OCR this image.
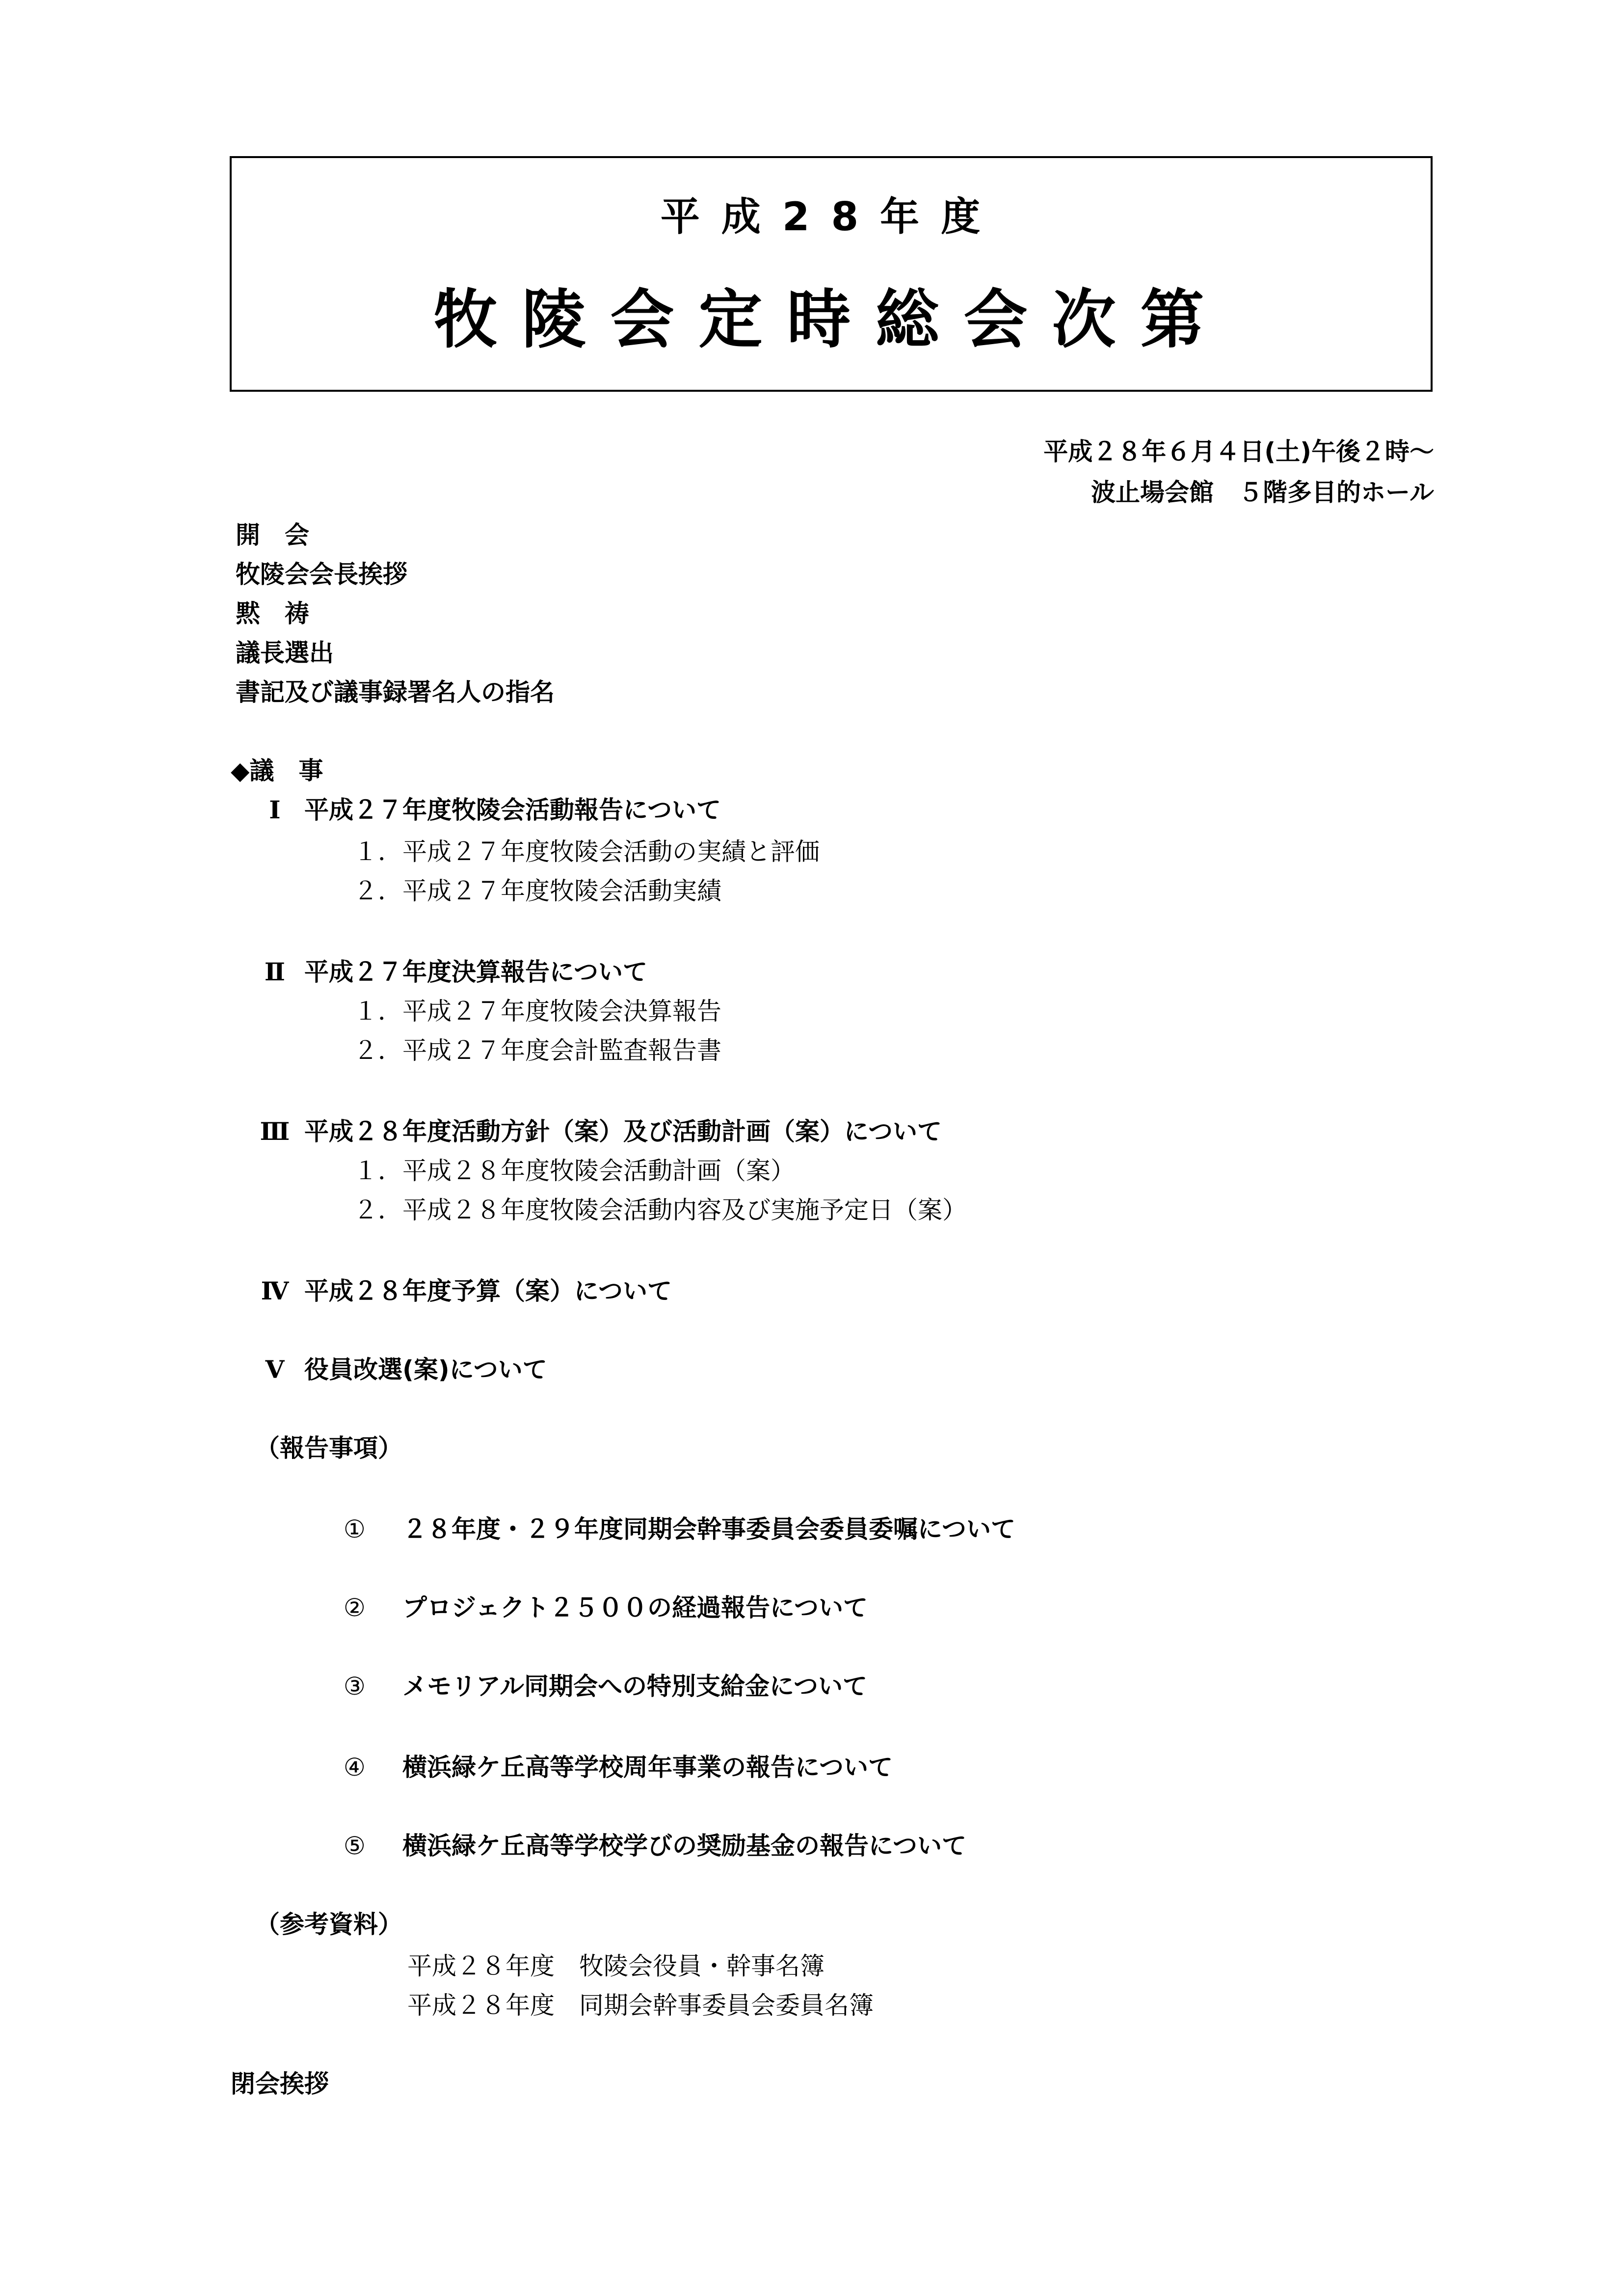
平成28年度
牧陵会定時総会次第
平成２８年６月４日(土)午後２時～
波止場会館　５階多目的ホール
開　会
牧陵会会長挨拶
黙　祷
議長選出
書記及び議事録署名人の指名
◆議　事
Ⅰ 平成２７年度牧陵会活動報告について
１．平成２７年度牧陵会活動の実績と評価
２．平成２７年度牧陵会活動実績
Ⅱ 平成２７年度決算報告について
１．平成２７年度牧陵会決算報告
２．平成２７年度会計監査報告書
Ⅲ 平成２８年度活動方針（案）及び活動計画（案）について
１．平成２８年度牧陵会活動計画（案）
２．平成２８年度牧陵会活動内容及び実施予定日（案）
Ⅳ 平成２８年度予算（案）について
Ⅴ 役員改選(案)について
（報告事項）
① ２８年度・２９年度同期会幹事委員会委員委嘱について
② プロジェクト２５００の経過報告について
③ メモリアル同期会への特別支給金について
④ 横浜緑ケ丘高等学校周年事業の報告について
⑤ 横浜緑ケ丘高等学校学びの奨励基金の報告について
（参考資料）
平成２８年度　牧陵会役員・幹事名簿
平成２８年度　同期会幹事委員会委員名簿
閉会挨拶
